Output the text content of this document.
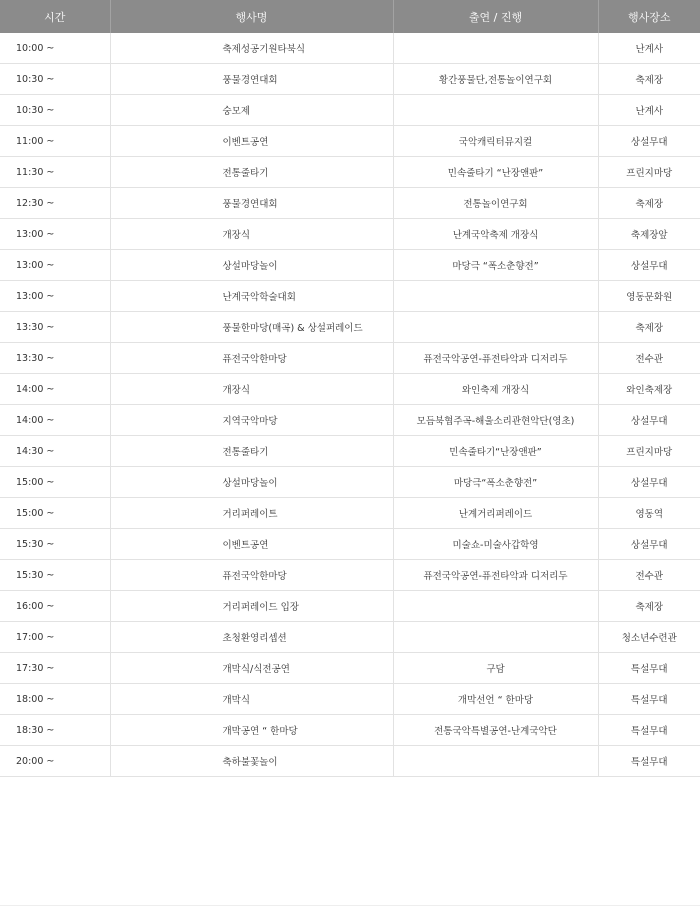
시간	행사명	출연 / 진행	행사장소
10:00 ~	축제성공기원타북식		난계사
10:30 ~	풍물경연대회	황간풍물단,전통놀이연구회	축제장
10:30 ~	숭모제		난계사
11:00 ~	이벤트공연	국악캐릭터뮤지컬	상설무대
11:30 ~	전통줄타기	민속줄타기 “난장앤판”	프린지마당
12:30 ~	풍물경연대회	전통놀이연구회	축제장
13:00 ~	개장식	난계국악축제 개장식	축제장앞
13:00 ~	상설마당놀이	마당극 “폭소춘향전”	상설무대
13:00 ~	난계국악학술대회		영동문화원
13:30 ~	풍물한마당(매곡) & 상설퍼레이드		축제장
13:30 ~	퓨전국악한마당	퓨전국악공연-퓨전타악과 디저리두	전수관
14:00 ~	개장식	와인축제 개장식	와인축제장
14:00 ~	지역국악마당	모듬북협주곡-해울소리관현악단(영초)	상설무대
14:30 ~	전통줄타기	민속줄타기“난장앤판”	프린지마당
15:00 ~	상설마당놀이	마당극“폭소춘향전”	상설무대
15:00 ~	거리퍼레이트	난계거리퍼레이드	영동역
15:30 ~	이벤트공연	미술쇼-미술사갑학영	상설무대
15:30 ~	퓨전국악한마당	퓨전국악공연-퓨전타악과 디저리두	전수관
16:00 ~	거리퍼레이드 입장		축제장
17:00 ~	초청환영리셉션		청소년수련관
17:30 ~	개막식/식전공연	구담	특설무대
18:00 ~	개막식	개막선언 “ 한마당	특설무대
18:30 ~	개막공연 “ 한마당	전통국악특별공연-난계국악단	특설무대
20:00 ~	축하불꽃놀이		특설무대
